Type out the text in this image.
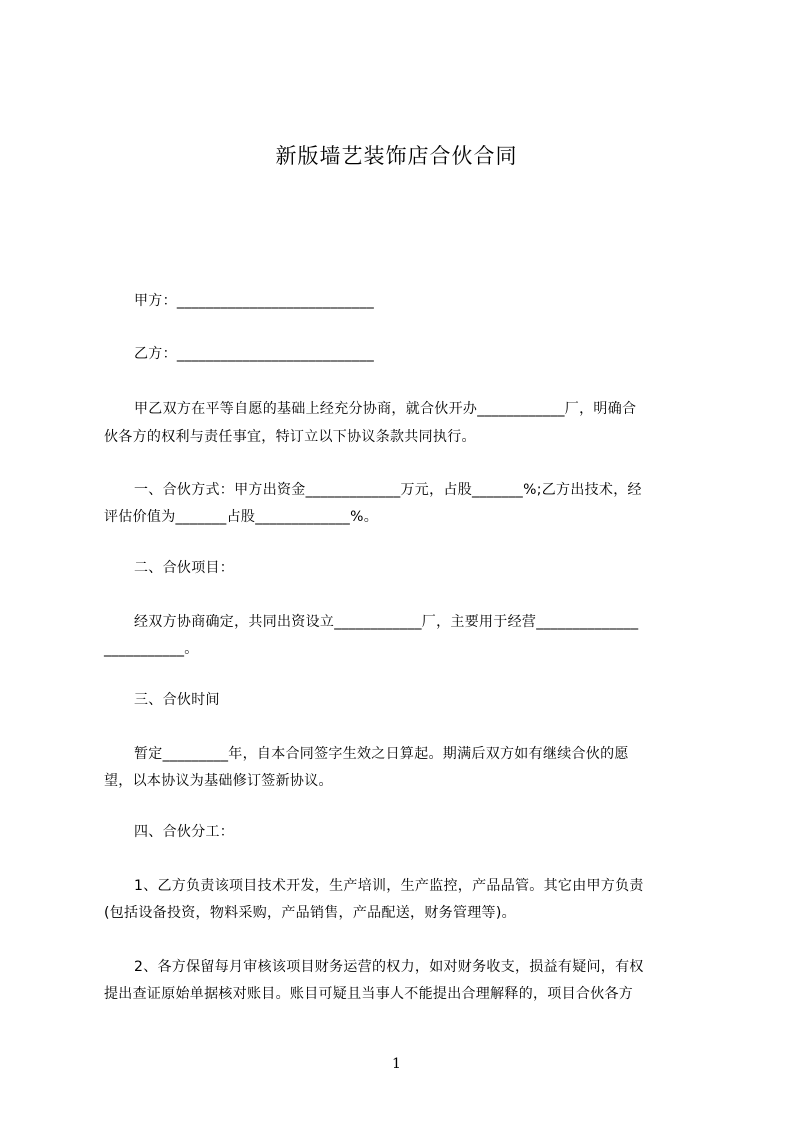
新版墙艺装饰店合伙合同
甲方：___________________________
乙方：___________________________
甲乙双方在平等自愿的基础上经充分协商，就合伙开办____________厂，明确合
伙各方的权利与责任事宜，特订立以下协议条款共同执行。
一、合伙方式：甲方出资金_____________万元，占股_______%;乙方出技术，经
评估价值为_______占股_____________%。
二、合伙项目：
经双方协商确定，共同出资设立____________厂，主要用于经营______________
___________。
三、合伙时间
暂定_________年，自本合同签字生效之日算起。期满后双方如有继续合伙的愿
望，以本协议为基础修订签新协议。
四、合伙分工：
1、乙方负责该项目技术开发，生产培训，生产监控，产品品管。其它由甲方负责
(包括设备投资，物料采购，产品销售，产品配送，财务管理等)。
2、各方保留每月审核该项目财务运营的权力，如对财务收支，损益有疑问，有权
提出查证原始单据核对账目。账目可疑且当事人不能提出合理解释的，项目合伙各方
1
